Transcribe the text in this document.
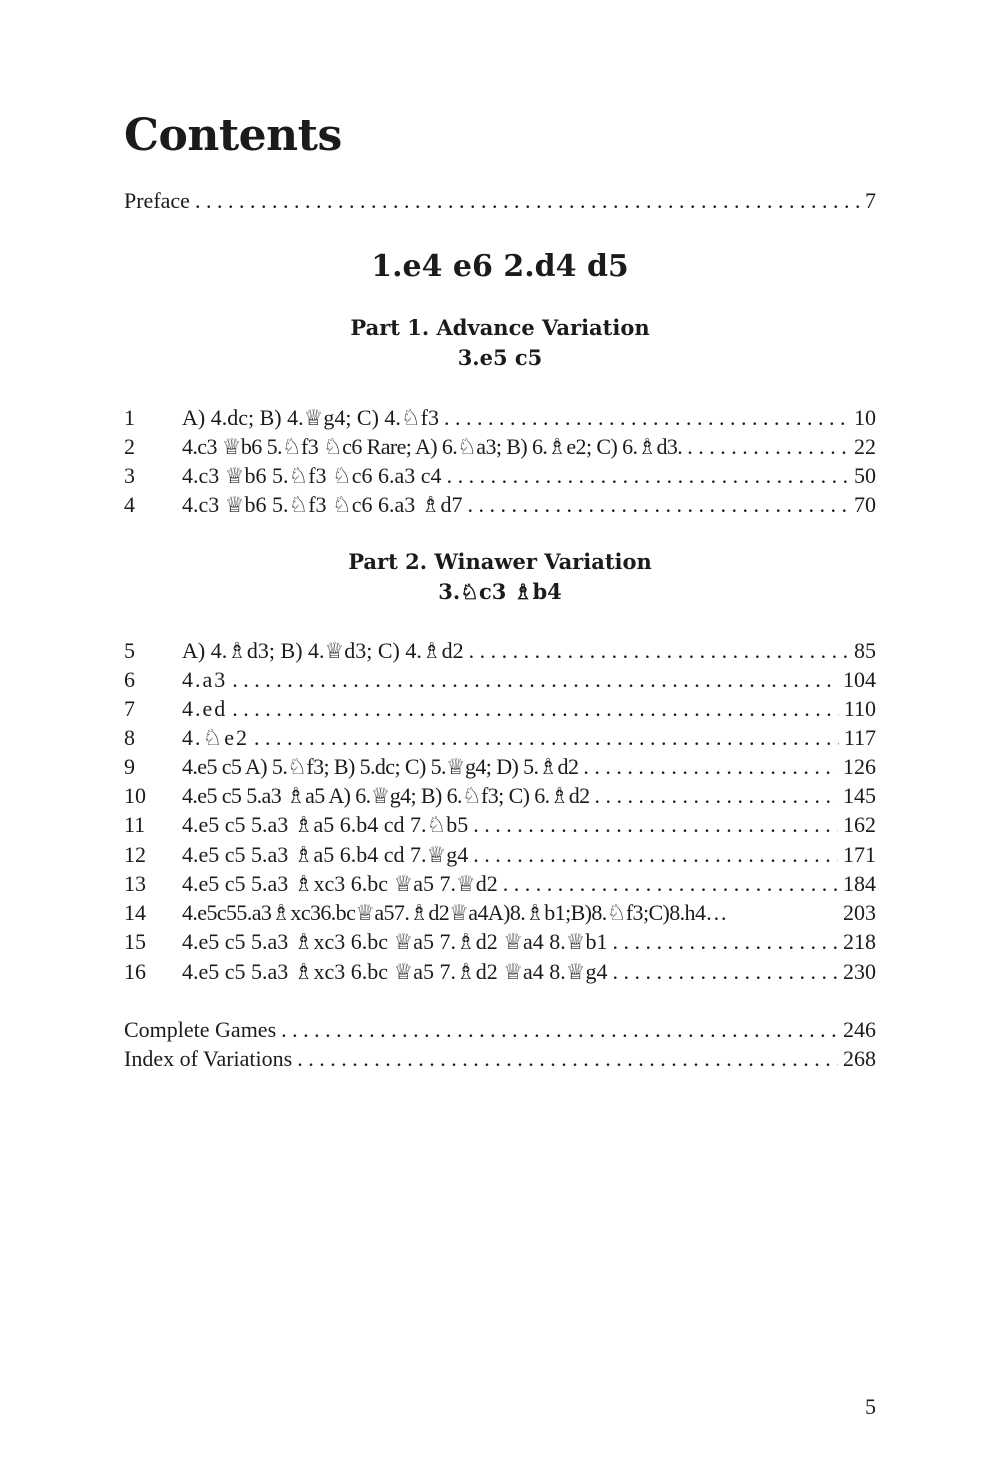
Contents
Preface . . .	7
1.e4 e6 2.d4 d5
Part 1. Advance Variation
3.e5 c5
1	A) 4.dc; B) 4.♕g4; C) 4.♘f3 . . .	10
2	4.c3 ♕b6 5.♘f3 ♘c6 Rare; A) 6.♘a3; B) 6.♗e2; C) 6.♗d3. . . .	22
3	4.c3 ♕b6 5.♘f3 ♘c6 6.a3 c4 . . .	50
4	4.c3 ♕b6 5.♘f3 ♘c6 6.a3 ♗d7 . . .	70
Part 2. Winawer Variation
3.♘c3 ♗b4
5	A) 4.♗d3; B) 4.♕d3; C) 4.♗d2 . . .	85
6	4.a3 . . .	104
7	4.ed . . .	110
8	4.♘e2 . . .	117
9	4.e5 c5 A) 5.♘f3; B) 5.dc; C) 5.♕g4; D) 5.♗d2 . . .	126
10	4.e5 c5 5.a3 ♗a5 A) 6.♕g4; B) 6.♘f3; C) 6.♗d2 . . .	145
11	4.e5 c5 5.a3 ♗a5 6.b4 cd 7.♘b5 . . .	162
12	4.e5 c5 5.a3 ♗a5 6.b4 cd 7.♕g4 . . .	171
13	4.e5 c5 5.a3 ♗xc3 6.bc ♕a5 7.♕d2 . . .	184
14	4.e5c55.a3♗xc36.bc♕a57.♗d2♕a4A)8.♗b1;B)8.♘f3;C)8.h4…	203
15	4.e5 c5 5.a3 ♗xc3 6.bc ♕a5 7.♗d2 ♕a4 8.♕b1 . . .	218
16	4.e5 c5 5.a3 ♗xc3 6.bc ♕a5 7.♗d2 ♕a4 8.♕g4 . . .	230
Complete Games . . .	246
Index of Variations . . .	268
5
